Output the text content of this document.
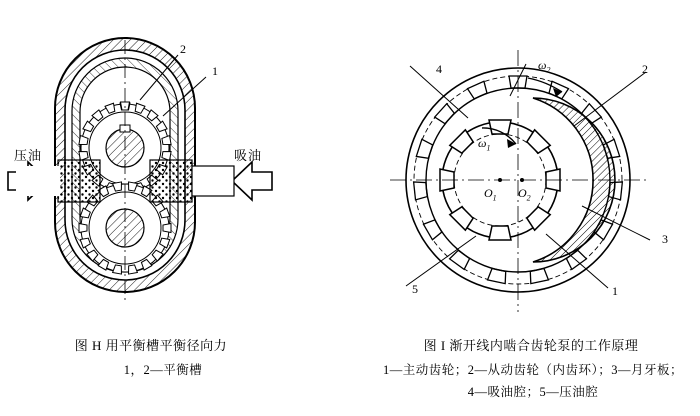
2
1
压油	吸油
图 H 用平衡槽平衡径向力
1，2—平衡槽
4	2
3
1
5
$\omega_2$
$\omega_1$
$O_1$ $O_2$
图 I 渐开线内啮合齿轮泵的工作原理
1—主动齿轮；2—从动齿轮（内齿环）；3—月牙板；
4—吸油腔；5—压油腔
